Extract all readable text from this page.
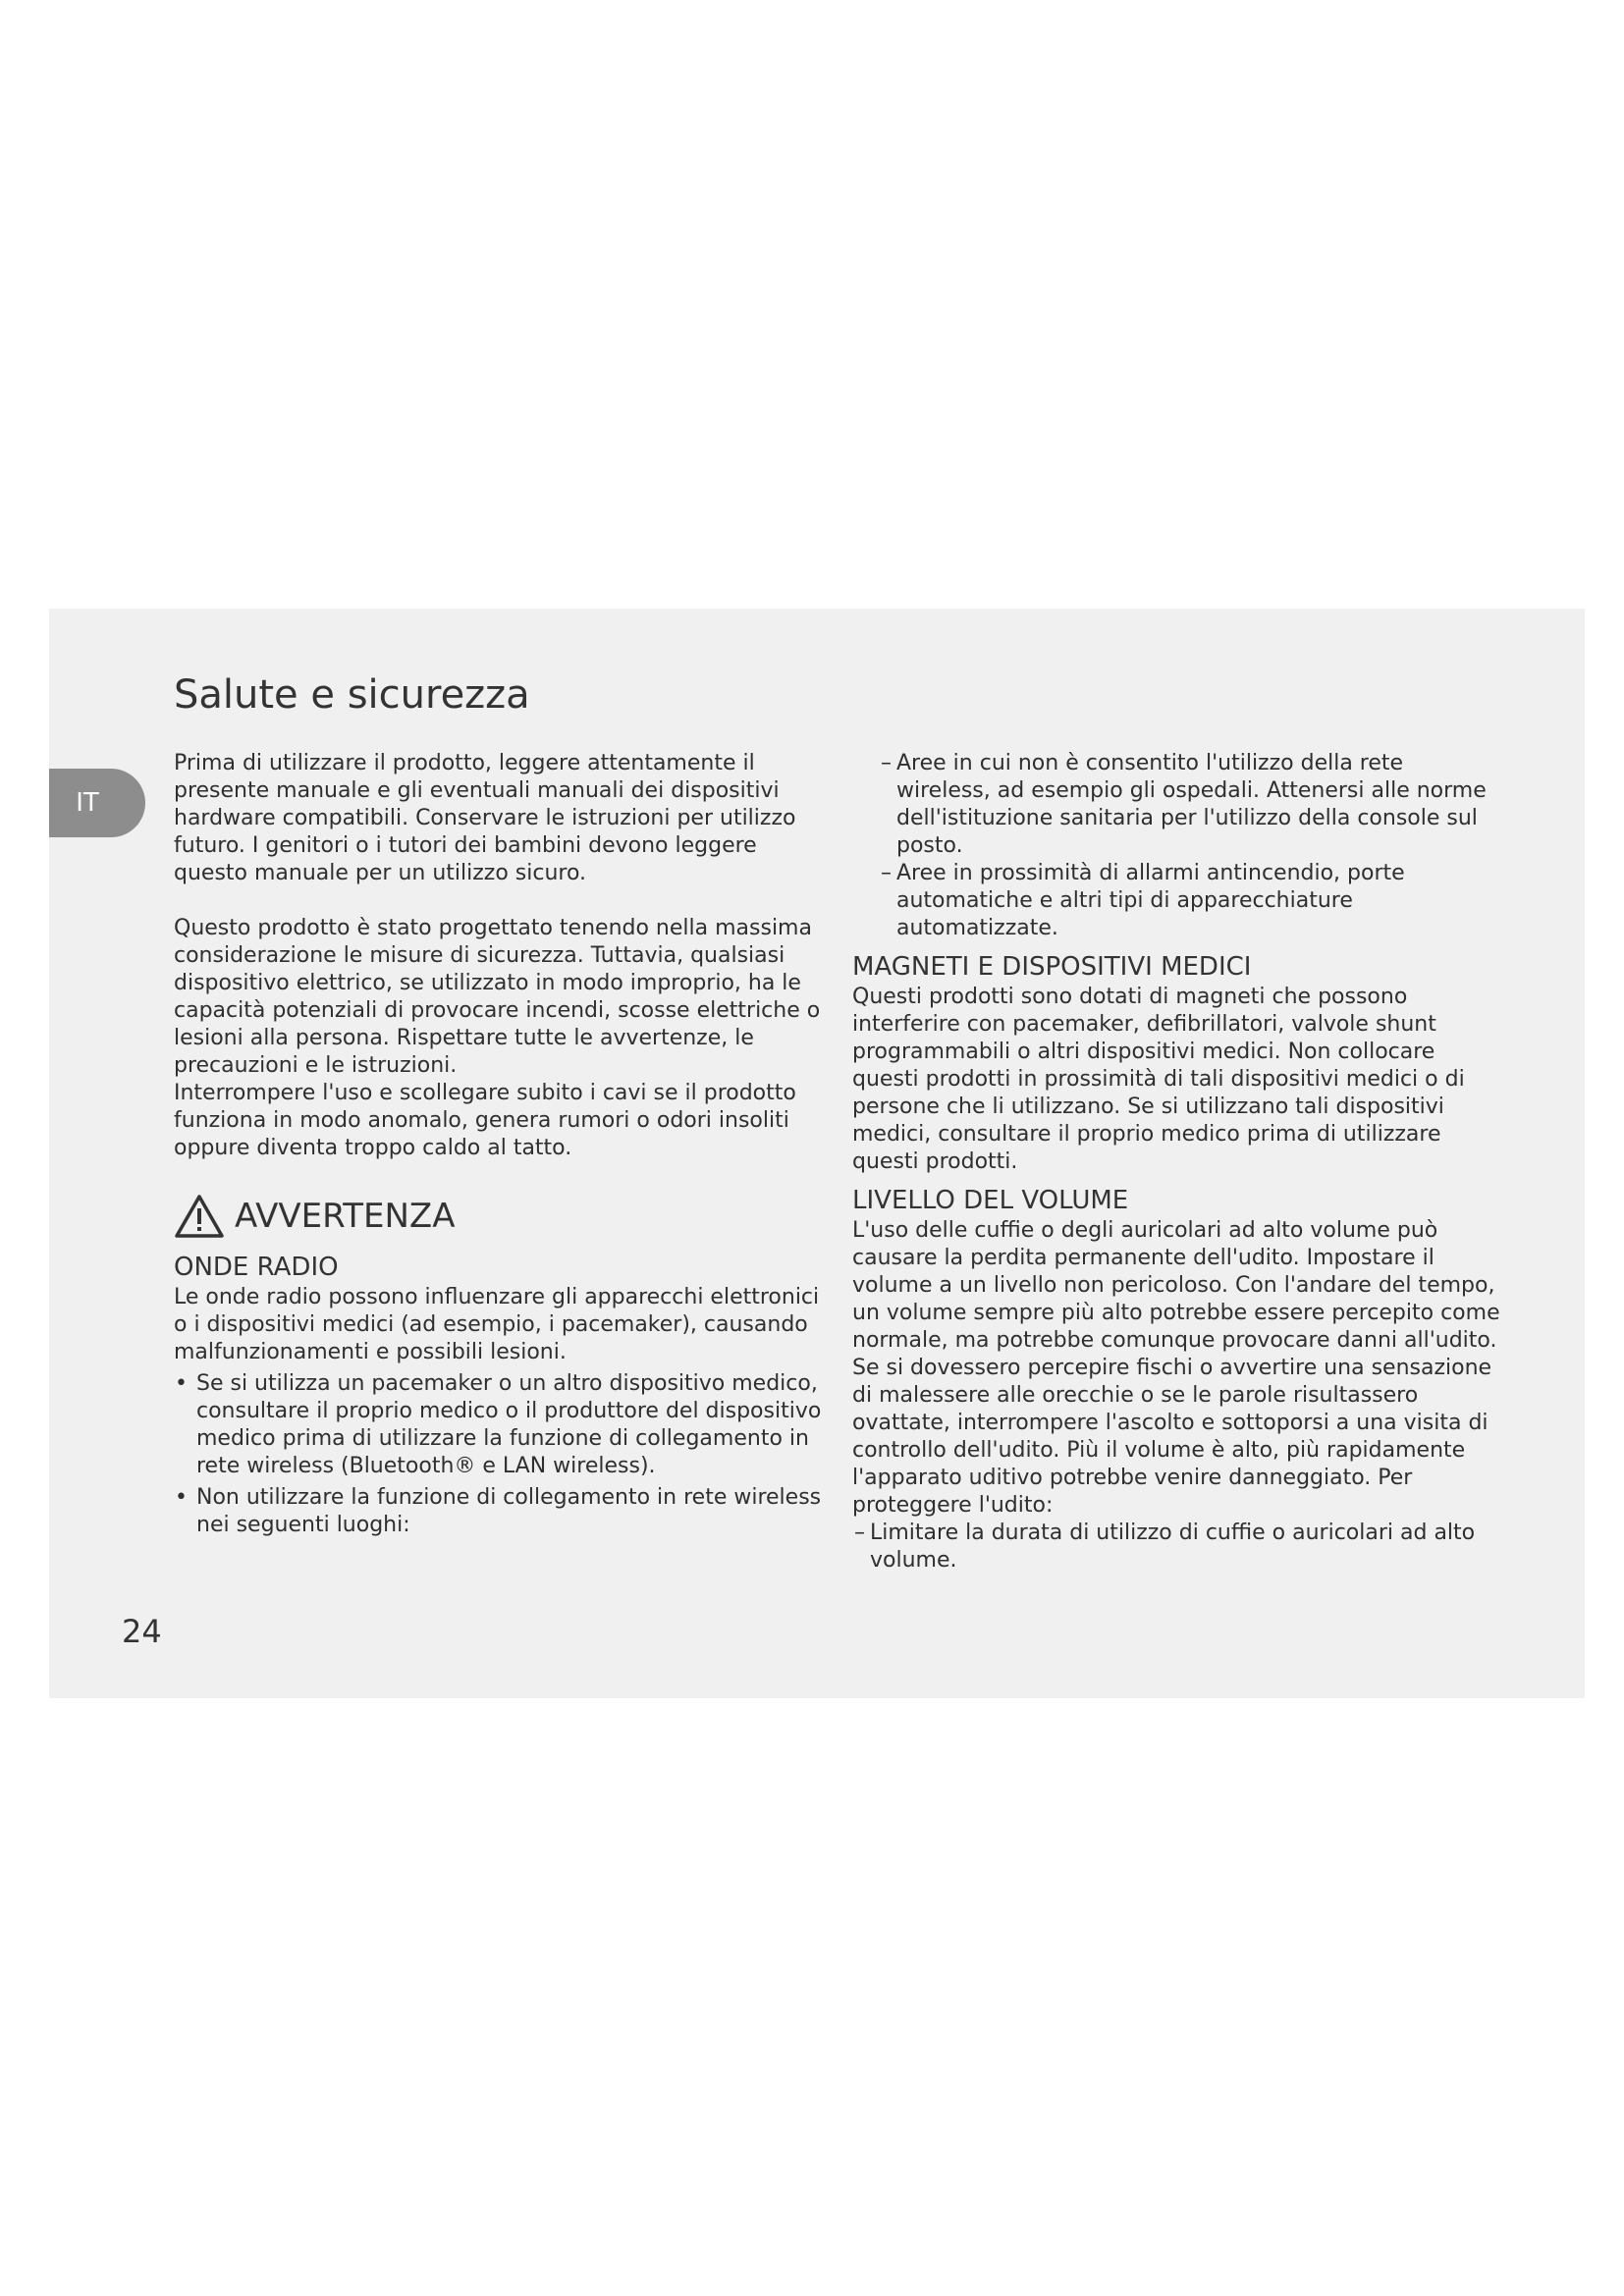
IT
Salute e sicurezza

Prima di utilizzare il prodotto, leggere attentamente il presente manuale e gli eventuali manuali dei dispositivi hardware compatibili. Conservare le istruzioni per utilizzo futuro. I genitori o i tutori dei bambini devono leggere questo manuale per un utilizzo sicuro.

Questo prodotto è stato progettato tenendo nella massima considerazione le misure di sicurezza. Tuttavia, qualsiasi dispositivo elettrico, se utilizzato in modo improprio, ha le capacità potenziali di provocare incendi, scosse elettriche o lesioni alla persona. Rispettare tutte le avvertenze, le precauzioni e le istruzioni.

Interrompere l'uso e scollegare subito i cavi se il prodotto funziona in modo anomalo, genera rumori o odori insoliti oppure diventa troppo caldo al tatto.

AVVERTENZA
ONDE RADIO

Le onde radio possono influenzare gli apparecchi elettronici o i dispositivi medici (ad esempio, i pacemaker), causando malfunzionamenti e possibili lesioni.

• Se si utilizza un pacemaker o un altro dispositivo medico, consultare il proprio medico o il produttore del dispositivo medico prima di utilizzare la funzione di collegamento in rete wireless (Bluetooth® e LAN wireless).
• Non utilizzare la funzione di collegamento in rete wireless nei seguenti luoghi:

– Aree in cui non è consentito l'utilizzo della rete wireless, ad esempio gli ospedali. Attenersi alle norme dell'istituzione sanitaria per l'utilizzo della console sul posto.

– Aree in prossimità di allarmi antincendio, porte automatiche e altri tipi di apparecchiature automatizzate.

MAGNETI E DISPOSITIVI MEDICI

Questi prodotti sono dotati di magneti che possono interferire con pacemaker, defibrillatori, valvole shunt programmabili o altri dispositivi medici. Non collocare questi prodotti in prossimità di tali dispositivi medici o di persone che li utilizzano. Se si utilizzano tali dispositivi medici, consultare il proprio medico prima di utilizzare questi prodotti.

LIVELLO DEL VOLUME

L'uso delle cuffie o degli auricolari ad alto volume può causare la perdita permanente dell'udito. Impostare il volume a un livello non pericoloso. Con l'andare del tempo, un volume sempre più alto potrebbe essere percepito come normale, ma potrebbe comunque provocare danni all'udito. Se si dovessero percepire fischi o avvertire una sensazione di malessere alle orecchie o se le parole risultassero ovattate, interrompere l'ascolto e sottoporsi a una visita di controllo dell'udito. Più il volume è alto, più rapidamente l'apparato uditivo potrebbe venire danneggiato. Per proteggere l'udito:

– Limitare la durata di utilizzo di cuffie o auricolari ad alto volume.

24
